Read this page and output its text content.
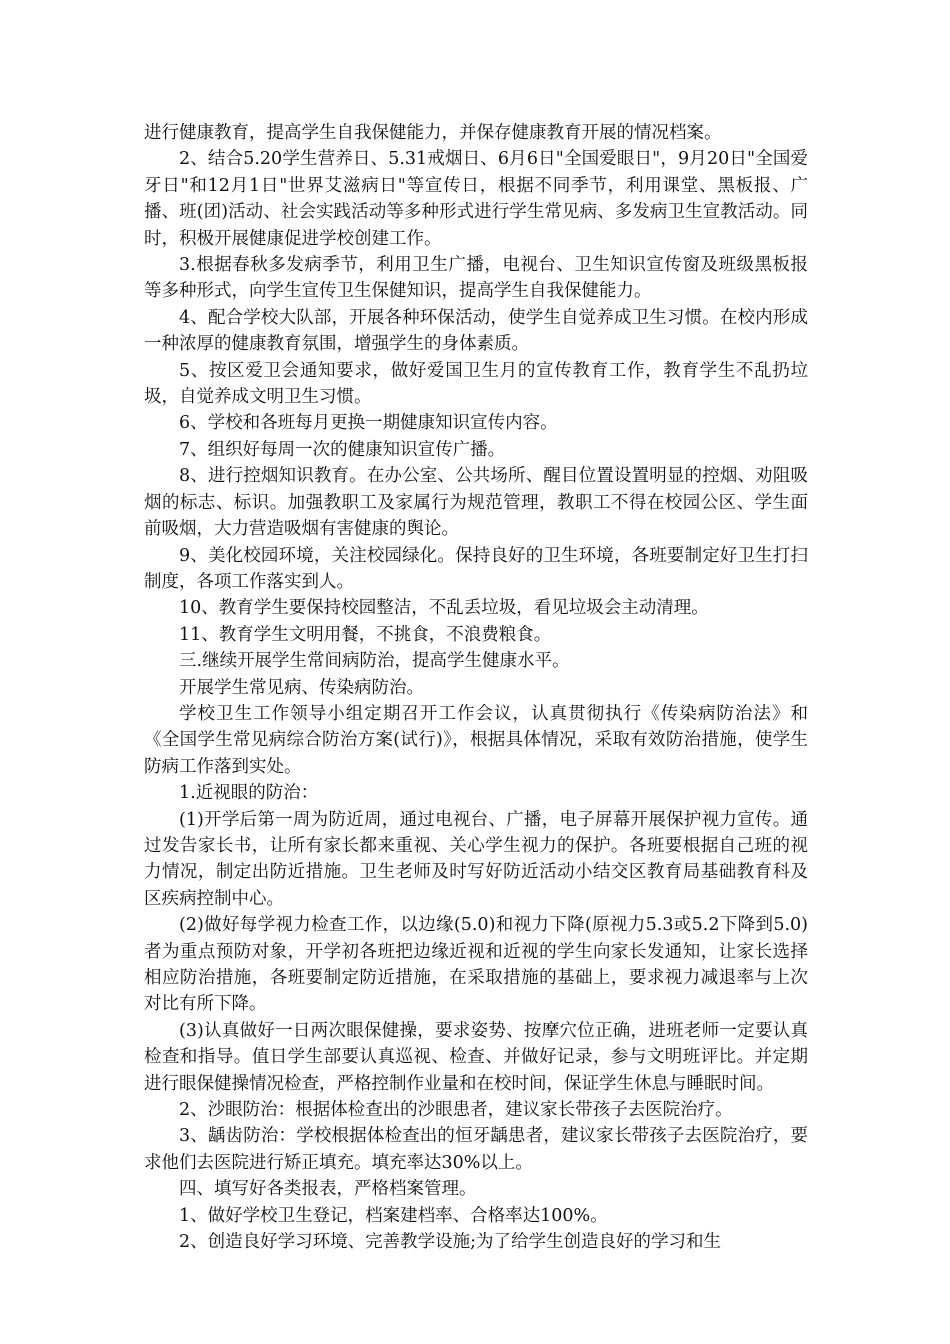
进行健康教育，提高学生自我保健能力，并保存健康教育开展的情况档案。

2、结合5.20学生营养日、5.31戒烟日、6月6日"全国爱眼日"，9月20日"全国爱牙日"和12月1日"世界艾滋病日"等宣传日，根据不同季节，利用课堂、黑板报、广播、班(团)活动、社会实践活动等多种形式进行学生常见病、多发病卫生宣教活动。同时，积极开展健康促进学校创建工作。

3.根据春秋多发病季节，利用卫生广播，电视台、卫生知识宣传窗及班级黑板报等多种形式，向学生宣传卫生保健知识，提高学生自我保健能力。

4、配合学校大队部，开展各种环保活动，使学生自觉养成卫生习惯。在校内形成一种浓厚的健康教育氛围，增强学生的身体素质。

5、按区爱卫会通知要求，做好爱国卫生月的宣传教育工作，教育学生不乱扔垃圾，自觉养成文明卫生习惯。

6、学校和各班每月更换一期健康知识宣传内容。

7、组织好每周一次的健康知识宣传广播。

8、进行控烟知识教育。在办公室、公共场所、醒目位置设置明显的控烟、劝阻吸烟的标志、标识。加强教职工及家属行为规范管理，教职工不得在校园公区、学生面前吸烟，大力营造吸烟有害健康的舆论。

9、美化校园环境，关注校园绿化。保持良好的卫生环境，各班要制定好卫生打扫制度，各项工作落实到人。

10、教育学生要保持校园整洁，不乱丢垃圾，看见垃圾会主动清理。

11、教育学生文明用餐，不挑食，不浪费粮食。

三.继续开展学生常间病防治，提高学生健康水平。

开展学生常见病、传染病防治。

学校卫生工作领导小组定期召开工作会议，认真贯彻执行《传染病防治法》和《全国学生常见病综合防治方案(试行)》，根据具体情况，采取有效防治措施，使学生防病工作落到实处。

1.近视眼的防治：

(1)开学后第一周为防近周，通过电视台、广播，电子屏幕开展保护视力宣传。通过发告家长书，让所有家长都来重视、关心学生视力的保护。各班要根据自己班的视力情况，制定出防近措施。卫生老师及时写好防近活动小结交区教育局基础教育科及区疾病控制中心。

(2)做好每学视力检查工作，以边缘(5.0)和视力下降(原视力5.3或5.2下降到5.0)者为重点预防对象，开学初各班把边缘近视和近视的学生向家长发通知，让家长选择相应防治措施，各班要制定防近措施，在采取措施的基础上，要求视力减退率与上次对比有所下降。

(3)认真做好一日两次眼保健操，要求姿势、按摩穴位正确，进班老师一定要认真检查和指导。值日学生部要认真巡视、检查、并做好记录，参与文明班评比。并定期进行眼保健操情况检查，严格控制作业量和在校时间，保证学生休息与睡眠时间。

2、沙眼防治：根据体检查出的沙眼患者，建议家长带孩子去医院治疗。

3、龋齿防治：学校根据体检查出的恒牙龋患者，建议家长带孩子去医院治疗，要求他们去医院进行矫正填充。填充率达30%以上。

四、填写好各类报表，严格档案管理。

1、做好学校卫生登记，档案建档率、合格率达100%。

2、创造良好学习环境、完善教学设施;为了给学生创造良好的学习和生
